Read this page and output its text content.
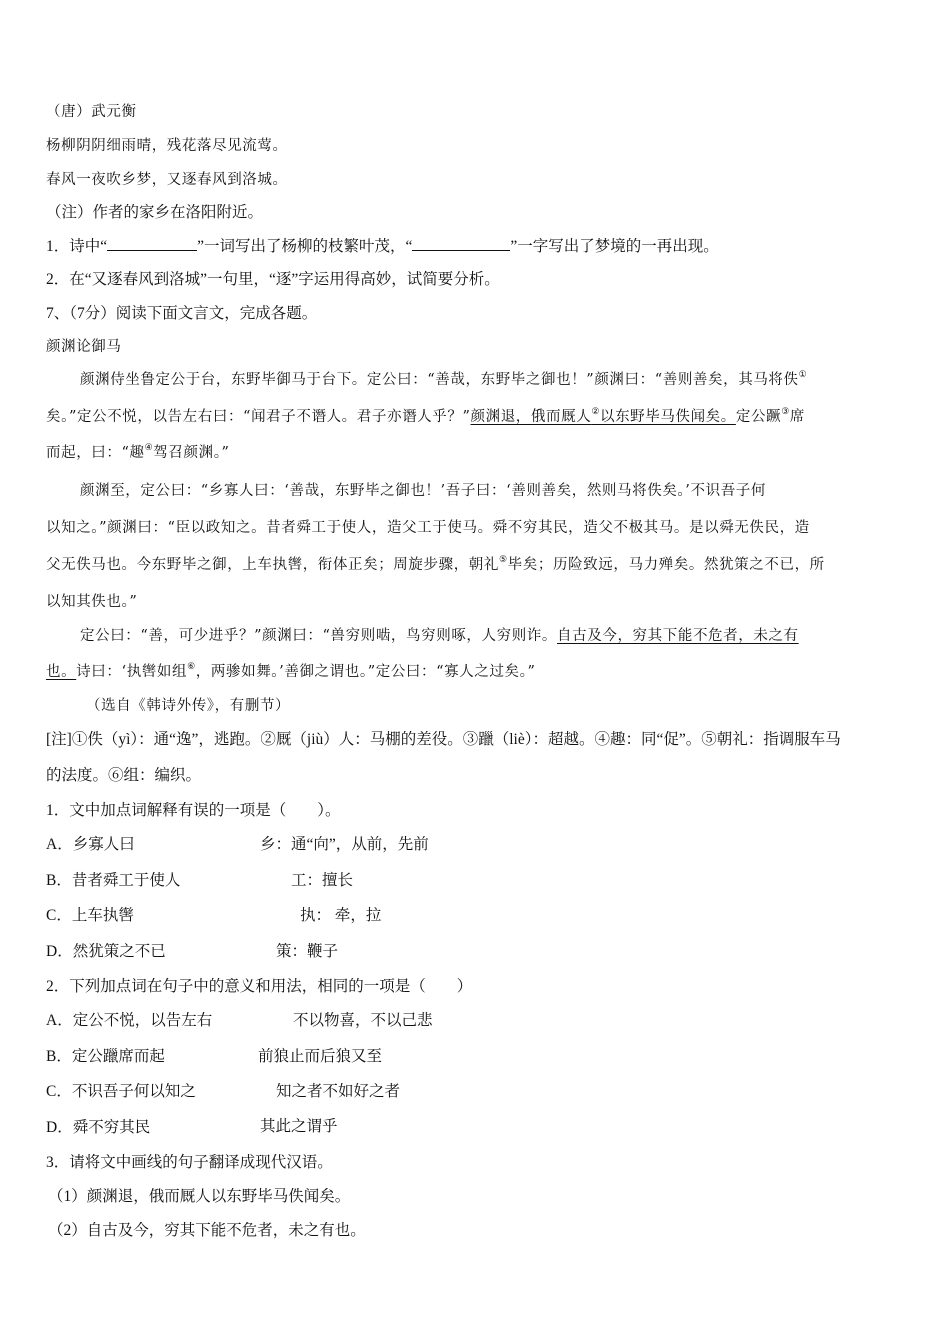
（唐）武元衡
杨柳阴阴细雨晴，残花落尽见流莺。
春风一夜吹乡梦，又逐春风到洛城。
（注）作者的家乡在洛阳附近。
1．诗中“	”一词写出了杨柳的枝繁叶茂，“	”一字写出了梦境的一再出现。
2．在“又逐春风到洛城”一句里，“逐”字运用得高妙，试简要分析。
7、（7分）阅读下面文言文，完成各题。
颜渊论御马
颜渊侍坐鲁定公于台，东野毕御马于台下。定公曰：“善哉，东野毕之御也！”颜渊曰：“善则善矣，其马将佚①
矣。”定公不悦，以告左右曰：“闻君子不谮人。君子亦谮人乎？”颜渊退，俄而厩人②以东野毕马佚闻矣。定公蹶③席
而起，曰：“趣④驾召颜渊。”
颜渊至，定公曰：“乡寡人曰：‘善哉，东野毕之御也！’吾子曰：‘善则善矣，然则马将佚矣。’不识吾子何
以知之。”颜渊曰：“臣以政知之。昔者舜工于使人，造父工于使马。舜不穷其民，造父不极其马。是以舜无佚民，造
父无佚马也。今东野毕之御，上车执辔，衔体正矣；周旋步骤，朝礼⑤毕矣；历险致远，马力殚矣。然犹策之不已，所
以知其佚也。”
定公曰：“善，可少进乎？”颜渊曰：“兽穷则啮，鸟穷则啄，人穷则诈。自古及今，穷其下能不危者，未之有
也。诗曰：‘执辔如组⑥，两骖如舞。’善御之谓也。”定公曰：“寡人之过矣。”
（选自《韩诗外传》，有删节）
[注]①佚（yì）：通“逸”，逃跑。②厩（jiù）人：马棚的差役。③躐（liè）：超越。④趣：同“促”。⑤朝礼：指调服车马
的法度。⑥组：编织。
1．文中加点词解释有误的一项是（　　）。
A．乡寡人曰	乡：通“向”，从前，先前
B．昔者舜工于使人	工：擅长
C．上车执辔	执： 牵，拉
D．然犹策之不已	策：鞭子
2．下列加点词在句子中的意义和用法，相同的一项是（　　）
A．定公不悦，以告左右	不以物喜，不以己悲
B．定公躐席而起	前狼止而后狼又至
C．不识吾子何以知之	知之者不如好之者
D．舜不穷其民	其此之谓乎
3．请将文中画线的句子翻译成现代汉语。
（1）颜渊退，俄而厩人以东野毕马佚闻矣。
（2）自古及今，穷其下能不危者，未之有也。
